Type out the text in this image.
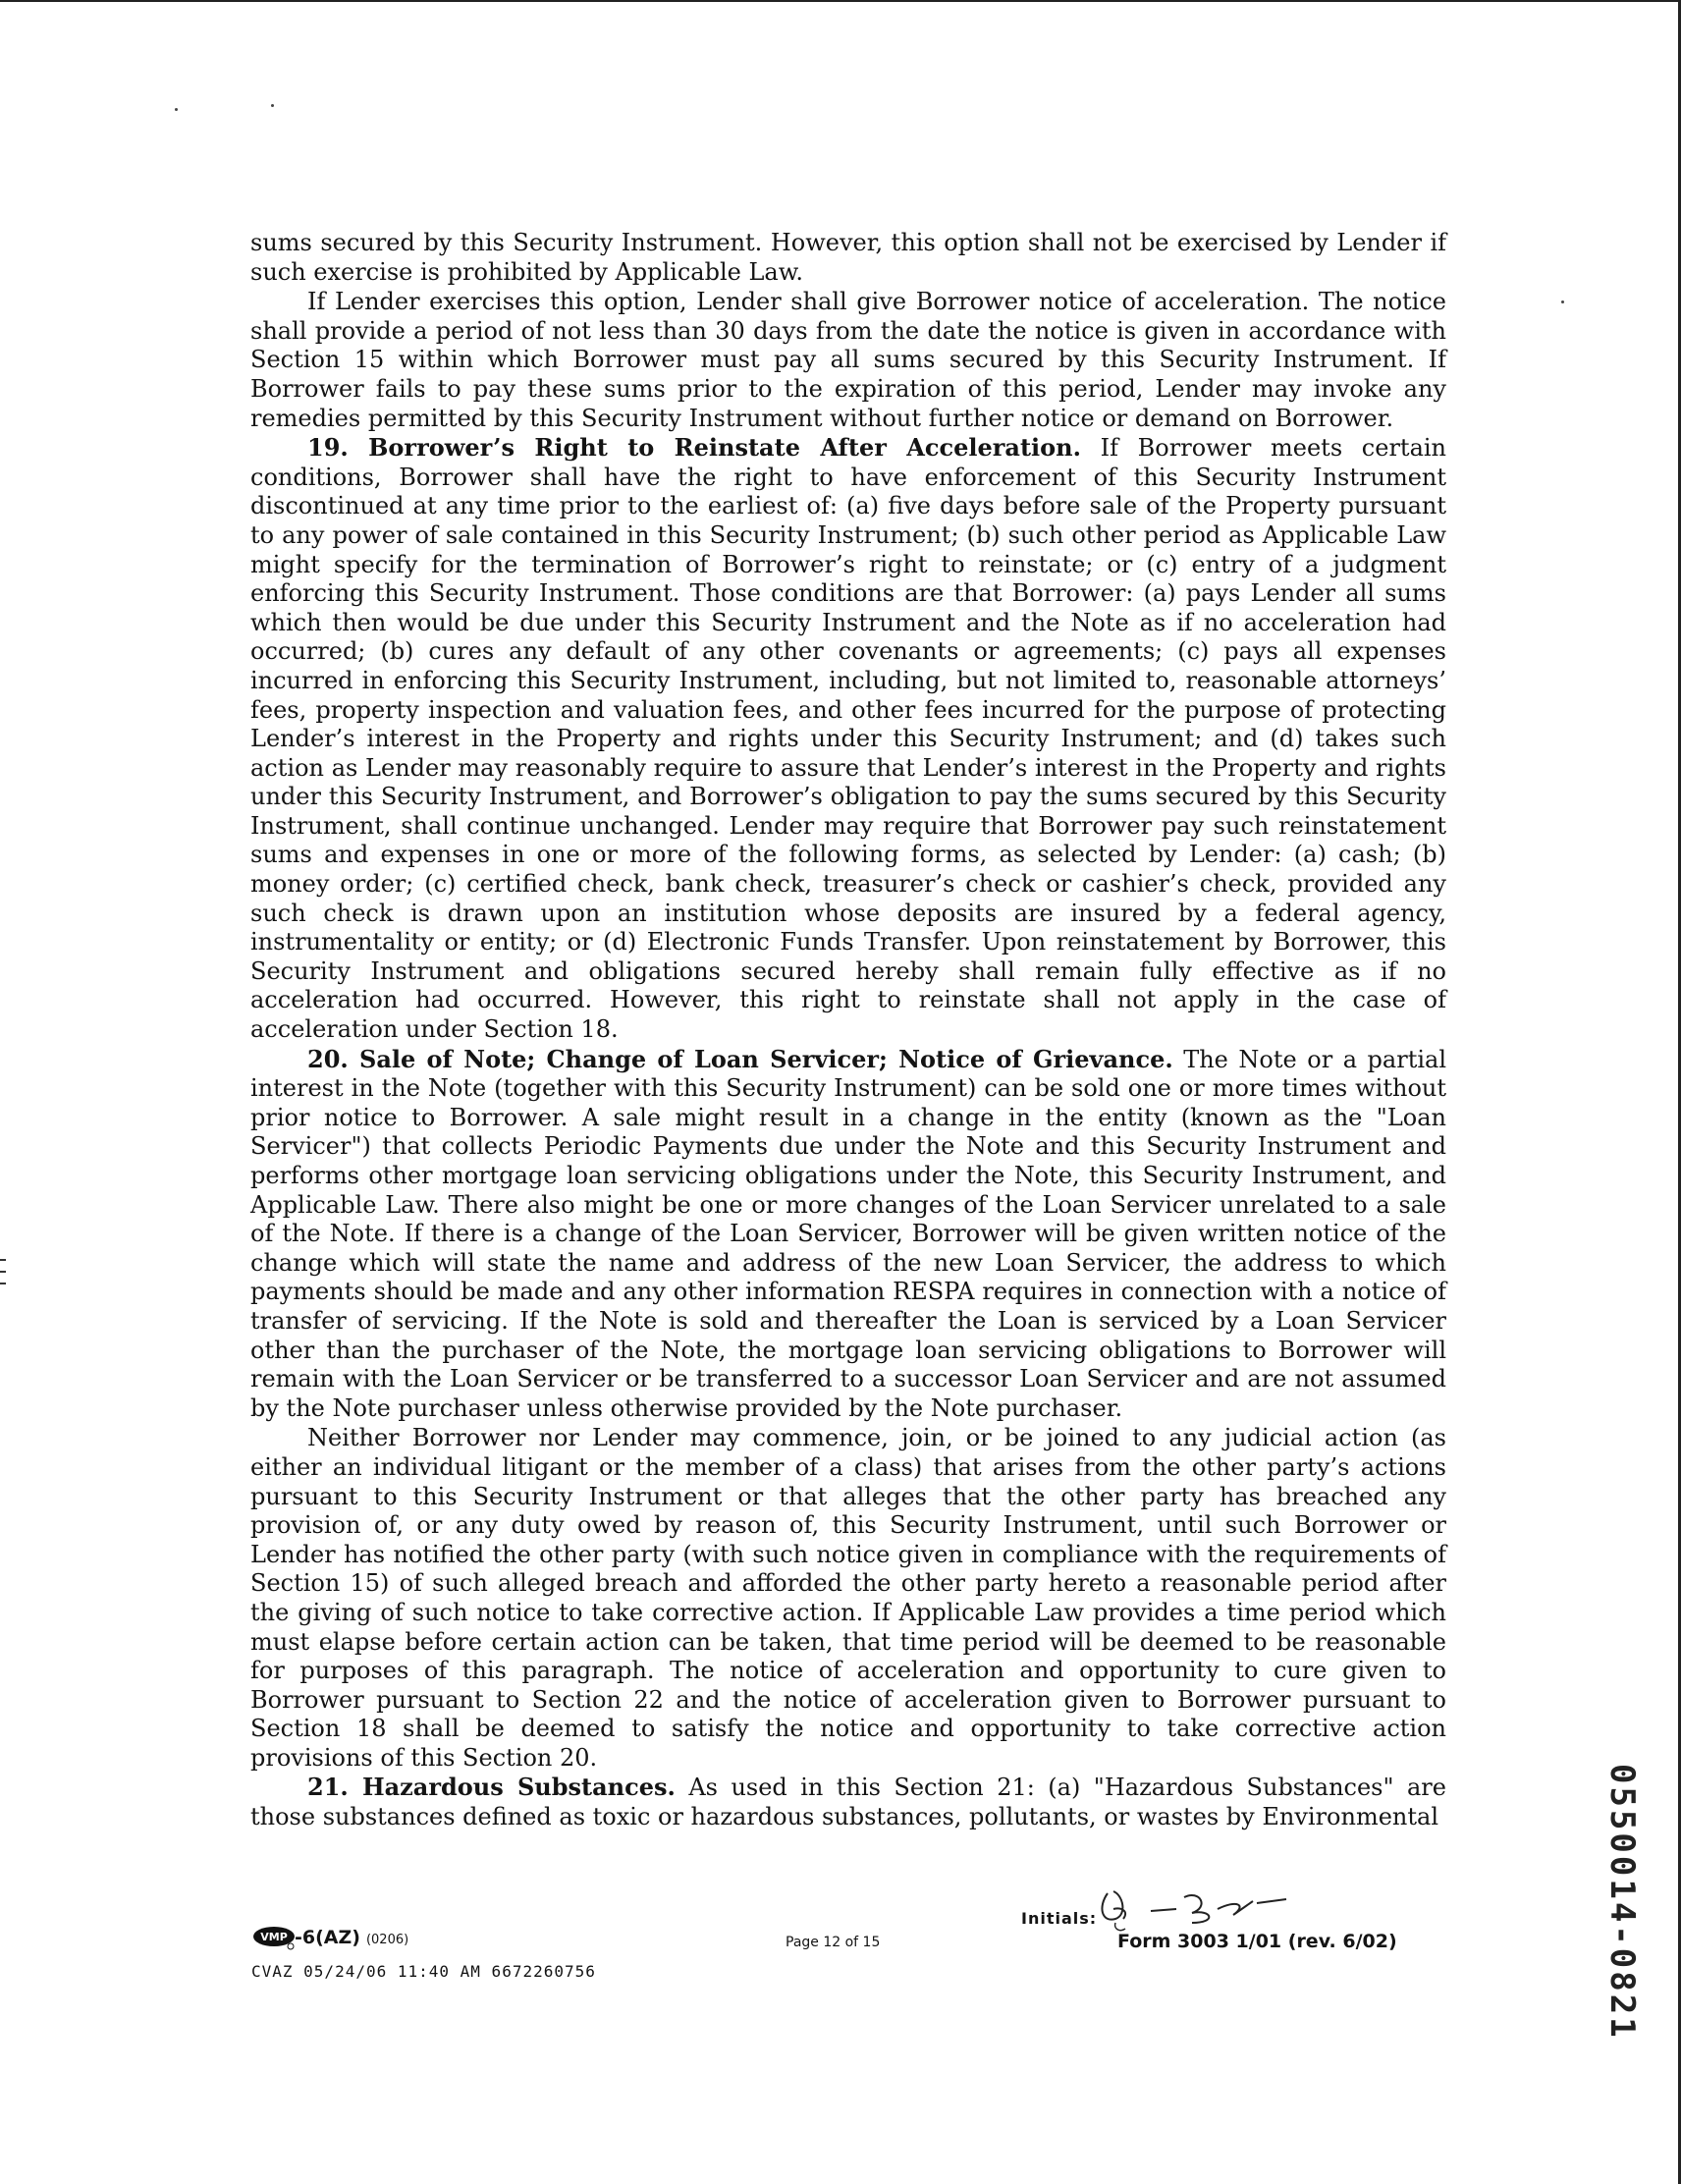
sums secured by this Security Instrument. However, this option shall not be exercised by Lender if such exercise is prohibited by Applicable Law.

If Lender exercises this option, Lender shall give Borrower notice of acceleration. The notice shall provide a period of not less than 30 days from the date the notice is given in accordance with Section 15 within which Borrower must pay all sums secured by this Security Instrument. If Borrower fails to pay these sums prior to the expiration of this period, Lender may invoke any remedies permitted by this Security Instrument without further notice or demand on Borrower.

19. Borrower’s Right to Reinstate After Acceleration. If Borrower meets certain conditions, Borrower shall have the right to have enforcement of this Security Instrument discontinued at any time prior to the earliest of: (a) five days before sale of the Property pursuant to any power of sale contained in this Security Instrument; (b) such other period as Applicable Law might specify for the termination of Borrower’s right to reinstate; or (c) entry of a judgment enforcing this Security Instrument. Those conditions are that Borrower: (a) pays Lender all sums which then would be due under this Security Instrument and the Note as if no acceleration had occurred; (b) cures any default of any other covenants or agreements; (c) pays all expenses incurred in enforcing this Security Instrument, including, but not limited to, reasonable attorneys’ fees, property inspection and valuation fees, and other fees incurred for the purpose of protecting Lender’s interest in the Property and rights under this Security Instrument; and (d) takes such action as Lender may reasonably require to assure that Lender’s interest in the Property and rights under this Security Instrument, and Borrower’s obligation to pay the sums secured by this Security Instrument, shall continue unchanged. Lender may require that Borrower pay such reinstatement sums and expenses in one or more of the following forms, as selected by Lender: (a) cash; (b) money order; (c) certified check, bank check, treasurer’s check or cashier’s check, provided any such check is drawn upon an institution whose deposits are insured by a federal agency, instrumentality or entity; or (d) Electronic Funds Transfer. Upon reinstatement by Borrower, this Security Instrument and obligations secured hereby shall remain fully effective as if no acceleration had occurred. However, this right to reinstate shall not apply in the case of acceleration under Section 18.

20. Sale of Note; Change of Loan Servicer; Notice of Grievance. The Note or a partial interest in the Note (together with this Security Instrument) can be sold one or more times without prior notice to Borrower. A sale might result in a change in the entity (known as the "Loan Servicer") that collects Periodic Payments due under the Note and this Security Instrument and performs other mortgage loan servicing obligations under the Note, this Security Instrument, and Applicable Law. There also might be one or more changes of the Loan Servicer unrelated to a sale of the Note. If there is a change of the Loan Servicer, Borrower will be given written notice of the change which will state the name and address of the new Loan Servicer, the address to which payments should be made and any other information RESPA requires in connection with a notice of transfer of servicing. If the Note is sold and thereafter the Loan is serviced by a Loan Servicer other than the purchaser of the Note, the mortgage loan servicing obligations to Borrower will remain with the Loan Servicer or be transferred to a successor Loan Servicer and are not assumed by the Note purchaser unless otherwise provided by the Note purchaser.

Neither Borrower nor Lender may commence, join, or be joined to any judicial action (as either an individual litigant or the member of a class) that arises from the other party’s actions pursuant to this Security Instrument or that alleges that the other party has breached any provision of, or any duty owed by reason of, this Security Instrument, until such Borrower or Lender has notified the other party (with such notice given in compliance with the requirements of Section 15) of such alleged breach and afforded the other party hereto a reasonable period after the giving of such notice to take corrective action. If Applicable Law provides a time period which must elapse before certain action can be taken, that time period will be deemed to be reasonable for purposes of this paragraph. The notice of acceleration and opportunity to cure given to Borrower pursuant to Section 22 and the notice of acceleration given to Borrower pursuant to Section 18 shall be deemed to satisfy the notice and opportunity to take corrective action provisions of this Section 20.

21. Hazardous Substances. As used in this Section 21: (a) "Hazardous Substances" are those substances defined as toxic or hazardous substances, pollutants, or wastes by Environmental	0550014-0821
VMP -6(AZ) (0206)
CVAZ 05/24/06 11:40 AM 6672260756
Page 12 of 15
Initials:
Form 3003 1/01 (rev. 6/02)
